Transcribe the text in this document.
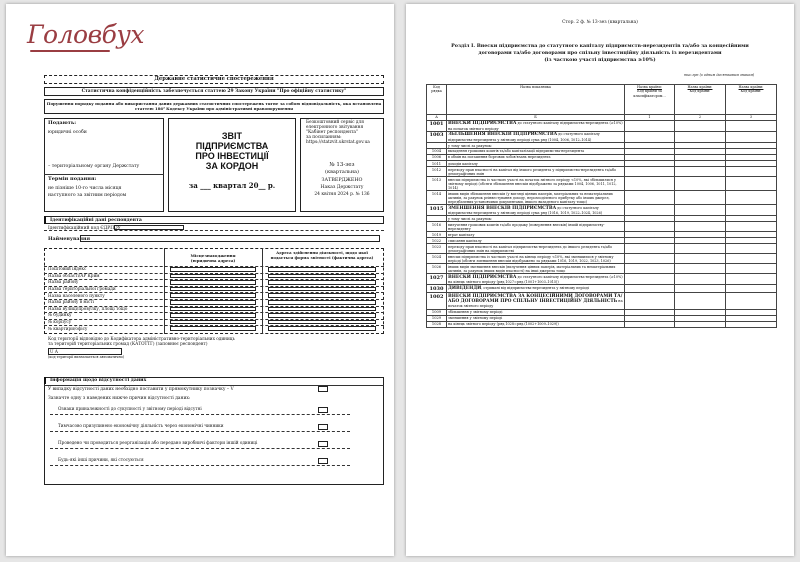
Головбух
Державне статистичне спостереження
Статистична конфіденційність забезпечується статтею 29 Закону України "Про офіційну статистику"
Порушення порядку подання або використання даних державних статистичних спостережень тягне за собою відповідальність, яка встановлена статтею 186² Кодексу України про адміністративні правопорушення
Подають:
юридичні особи
– територіальному органу Держстату
Термін подання:
не пізніше 10-го числа місяця
наступного за звітним періодом
ЗВІТ
ПІДПРИЄМСТВА
ПРО ІНВЕСТИЦІЇ
ЗА КОРДОН
за ___ квартал 20__ р.
Безкоштовний сервіс для
електронного звітування
"Кабінет респондента"
за посиланням:
https://statzvit.ukrstat.gov.ua
№ 13-зез
(квартальна)
ЗАТВЕРДЖЕНО
Наказ Держстату
24 квітня 2024 р. № 136
Ідентифікаційні дані респондента
Ідентифікаційний код ЄДРПОУ
Найменування
Місцезнаходження
(юридична адреса)
Адреса здійснення діяльності, щодо якої подається форма звітності (фактична адреса)
Поштовий індекс
Назва області/АР Крим
Назва району
Назва територіальної громади
Назва населеного пункту
Назва району в місті
Назва вулиці/провулку, площі тощо
№ будинку
№ корпусу
№ квартири/офісу
Код території відповідно до Кодифікатора адміністративно-територіальних одиниць
та територій територіальних громад (КАТОТТГ) (заповнює респондент)
U A
(код території визначається автоматично)
Інформація щодо відсутності даних
У випадку відсутності даних необхідно поставити у прямокутнику позначку – V
Зазначте одну з наведених нижче причин відсутності даних:
Ознаки приналежності до сукупності у звітному періоді відсутні
Тимчасово призупинено економічну діяльність через економічні чинники
Проведено чи проводиться реорганізація або передано виробничі фактори іншій одиниці
Будь-які інші причини, які стосуються
Стор. 2 ф. № 13-зез (квартальна)
Розділ І. Внески підприємства до статутного капіталу підприємств-нерезидентів та/або за концесійними
договорами та/або договорами про спільну інвестиційну діяльність із нерезидентами
(із часткою участі підприємства ≥10%)
тис.грн (з одним десятковим знаком)
Код рядка	Назва показника	Назва країни:
Код країни за класифікатором...	Назва країни:
Код країни:	Назва країни:
Код країни:
А	Б	1	2	3
1001	ВНЕСКИ ПІДПРИЄМСТВА до статутного капіталу підприємства-нерезидента (≥10%) на початок звітного періоду			
1003	ЗБІЛЬШЕННЯ ВНЕСКІВ ПІДПРИЄМСТВА до статутного капіталу підприємства-нерезидента у звітному періоді сума ряд (1004, 1006, 1012–1014)			
	у тому числі за рахунок:			
1004	вкладення грошових коштів та/або капіталізації підприємства-нерезидента			
1006	в обмін на погашення боргових зобов'язань нерезидента			
1011	доходів капіталу			
1012	переходу прав власності на капітал від іншого резидента у підприємство-нерезидента та/або демографічних змін			
1013	внески підприємства із часткою участі на початок звітного періоду <10%, які збільшилися у звітному періоді (обсяги збільшення внесків відображено за рядками 1004, 1006, 1011, 1012, 1014)			
1014	інших видів збільшення внесків (у вигляді цінних паперів, матеріальних та нематеріальних активів, за рахунок реінвестування доходу, нерозподіленого прибутку або інших джерел, передбачених установчими документами, іншого вкладеного капіталу тощо)			
1015	ЗМЕНШЕННЯ ВНЕСКІВ ПІДПРИЄМСТВА до статутного капіталу підприємства-нерезидента у звітному періоді сума ряд (1016, 1019, 1022–1024, 1026)			
	у тому числі за рахунок:			
1016	вилучення грошових коштів та/або продажу (повернення внесків) іншій підприємству-нерезиденту			
1019	втрат капіталу			
1022	списання капіталу			
1023	переходу прав власності на капітал підприємства-нерезидента до іншого резидента та/або демографічних змін на підприємстві			
1024	внески підприємства із часткою участі на кінець періоду <10%, які зменшилися у звітному періоді (обсяги зменшення внесків відображено за рядками 1016, 1019, 1022, 1023, 1026)			
1026	інших видів зменшення внесків (вилучення цінних паперів, матеріальних та нематеріальних активів, за рахунок інших видів власності) на інші джерела тощо			
1027	ВНЕСКИ ПІДПРИЄМСТВА до статутного капіталу підприємства-нерезидента (≥10%) на кінець звітного періоду (ряд.1027=ряд.(1001+1003–1015))			
1030	ДИВІДЕНДИ, отримані від підприємства-нерезидента у звітному періоді			
1002	ВНЕСКИ ПІДПРИЄМСТВА ЗА КОНЦЕСІЙНИМИ ДОГОВОРАМИ ТА/АБО ДОГОВОРАМИ ПРО СПІЛЬНУ ІНВЕСТИЦІЙНУ ДІЯЛЬНІСТЬ на початок звітного періоду			
1009	збільшення у звітному періоді			
1029	зменшення у звітному періоді			
1028	на кінець звітного періоду (ряд.1028=ряд.(1002+1009–1029))			
